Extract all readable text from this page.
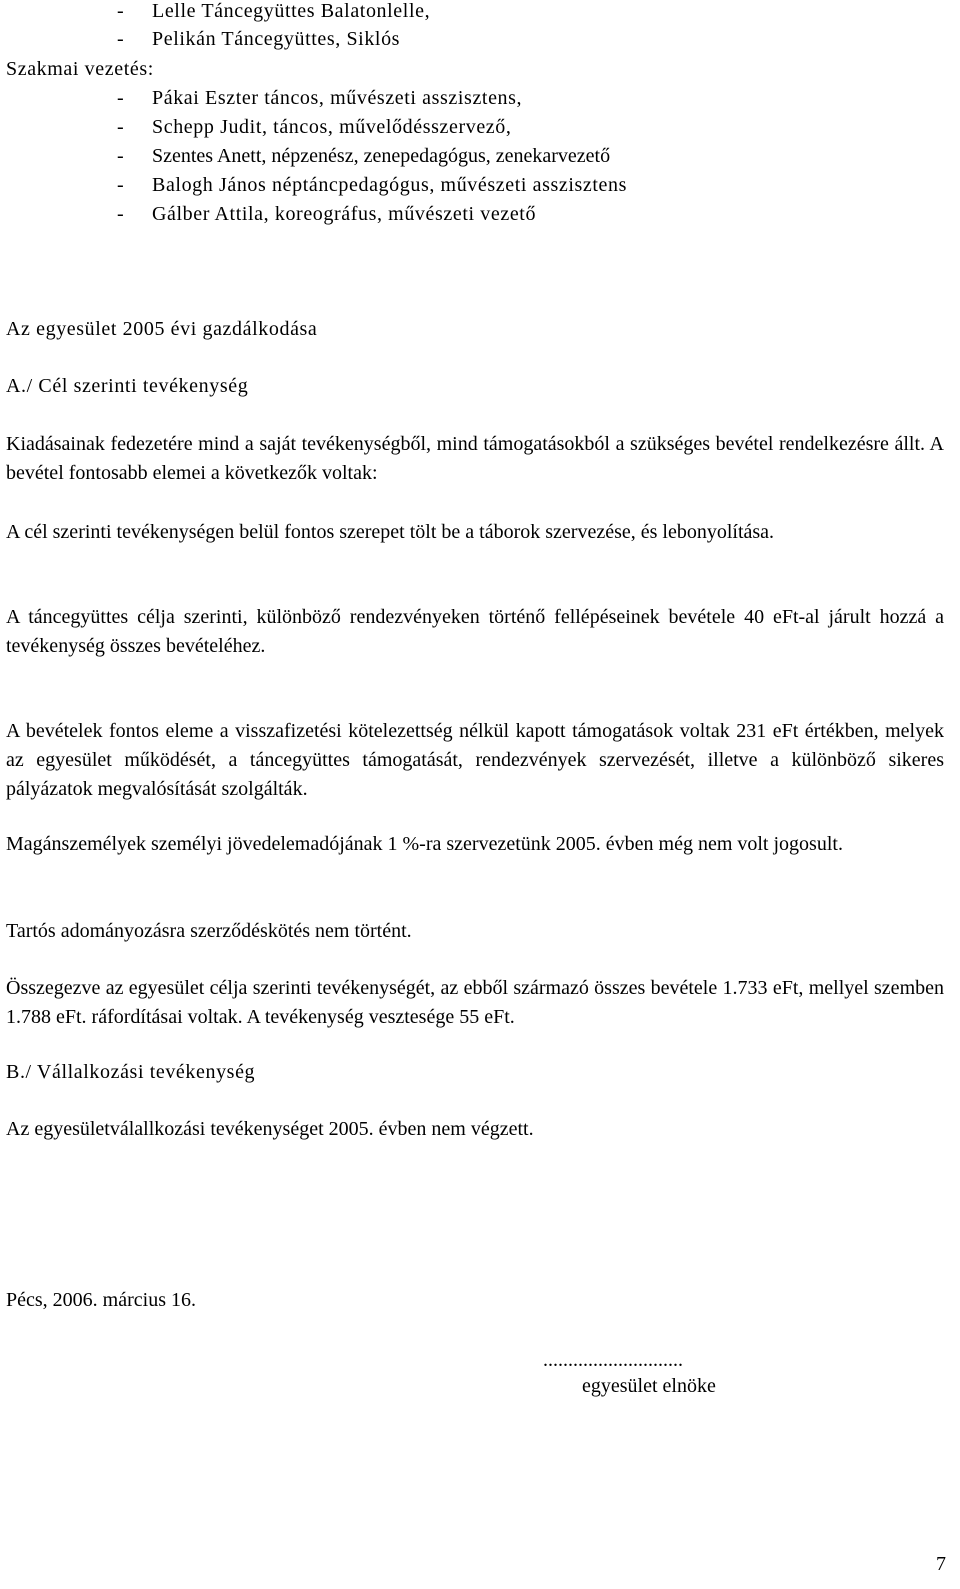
- Lelle Táncegyüttes Balatonlelle,
- Pelikán Táncegyüttes, Siklós
Szakmai vezetés:
- Pákai Eszter táncos, művészeti asszisztens,
- Schepp Judit, táncos, művelődésszervező,
- Szentes Anett, népzenész, zenepedagógus, zenekarvezető
- Balogh János néptáncpedagógus, művészeti asszisztens
- Gálber Attila, koreográfus, művészeti vezető
Az egyesület 2005 évi gazdálkodása
A./ Cél szerinti tevékenység
Kiadásainak fedezetére mind a saját tevékenységből, mind támogatásokból a szükséges bevétel rendelkezésre állt. A bevétel fontosabb elemei a következők voltak:
A cél szerinti tevékenységen belül fontos szerepet tölt be a táborok szervezése, és lebonyolítása.
A táncegyüttes célja szerinti, különböző rendezvényeken történő fellépéseinek bevétele 40 eFt-al járult hozzá a tevékenység összes bevételéhez.
A bevételek fontos eleme a visszafizetési kötelezettség nélkül kapott támogatások voltak 231 eFt értékben, melyek az egyesület működését, a táncegyüttes támogatását, rendezvények szervezését, illetve a különböző sikeres pályázatok megvalósítását szolgálták.
Magánszemélyek személyi jövedelemadójának 1 %-ra szervezetünk 2005. évben még nem volt jogosult.
Tartós adományozásra szerződéskötés nem történt.
Összegezve az egyesület célja szerinti tevékenységét, az ebből származó összes bevétele 1.733 eFt, mellyel szemben 1.788 eFt. ráfordításai voltak. A tevékenység vesztesége 55 eFt.
B./ Vállalkozási tevékenység
Az egyesületválallkozási tevékenységet 2005. évben nem végzett.
Pécs, 2006. március 16.
............................
egyesület elnöke
7
